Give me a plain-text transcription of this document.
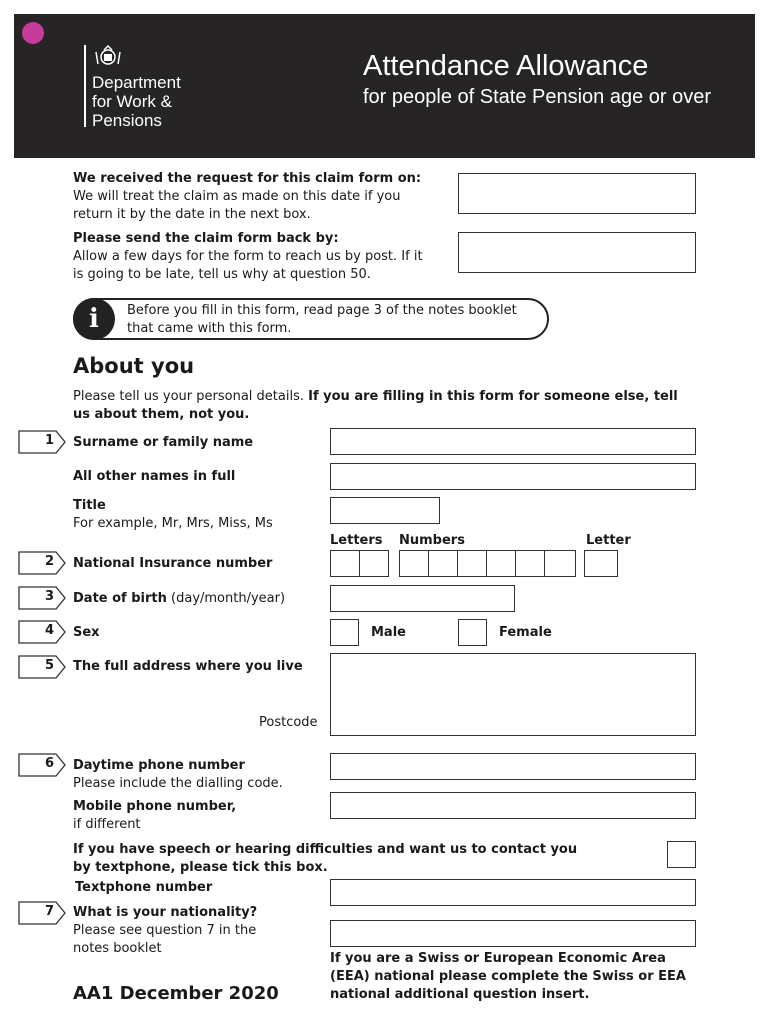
Department
for Work &
Pensions
Attendance Allowance
for people of State Pension age or over
We received the request for this claim form on:
We will treat the claim as made on this date if you return it by the date in the next box.
Please send the claim form back by:
Allow a few days for the form to reach us by post. If it is going to be late, tell us why at question 50.
i	Before you fill in this form, read page 3 of the notes booklet that came with this form.
About you
Please tell us your personal details. If you are filling in this form for someone else, tell us about them, not you.
1 Surname or family name
All other names in full
Title
For example, Mr, Mrs, Miss, Ms
Letters Numbers	Letter
2 National Insurance number
3 Date of birth (day/month/year)
4 Sex	Male	Female
5 The full address where you live
Postcode
6 Daytime phone number
Please include the dialling code.
Mobile phone number,
if different
If you have speech or hearing difficulties and want us to contact you by textphone, please tick this box.
Textphone number
7 What is your nationality?
Please see question 7 in the notes booklet
If you are a Swiss or European Economic Area (EEA) national please complete the Swiss or EEA national additional question insert.
AA1 December 2020
